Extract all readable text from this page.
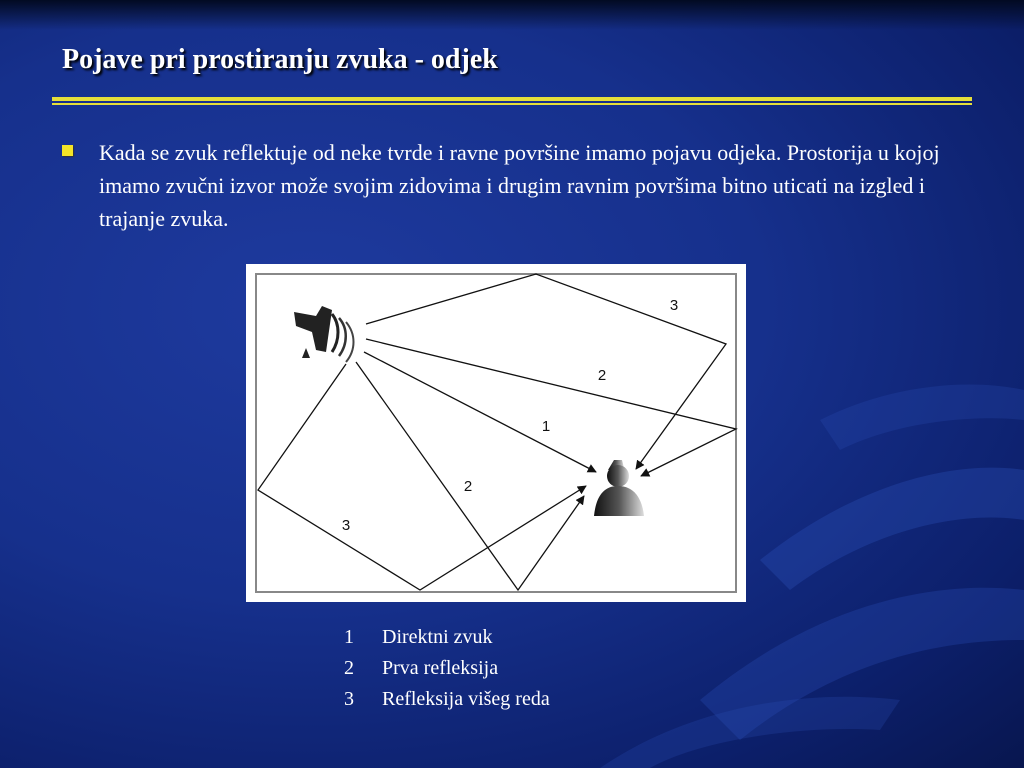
Pojave pri prostiranju zvuka - odjek
Kada se zvuk reflektuje od neke tvrde i ravne površine imamo pojavu odjeka. Prostorija u kojoj imamo zvučni izvor može svojim zidovima i drugim ravnim površima bitno uticati na izgled i trajanje zvuka.
3
2
1
2
3
1	Direktni zvuk
2	Prva refleksija
3	Refleksija višeg reda
